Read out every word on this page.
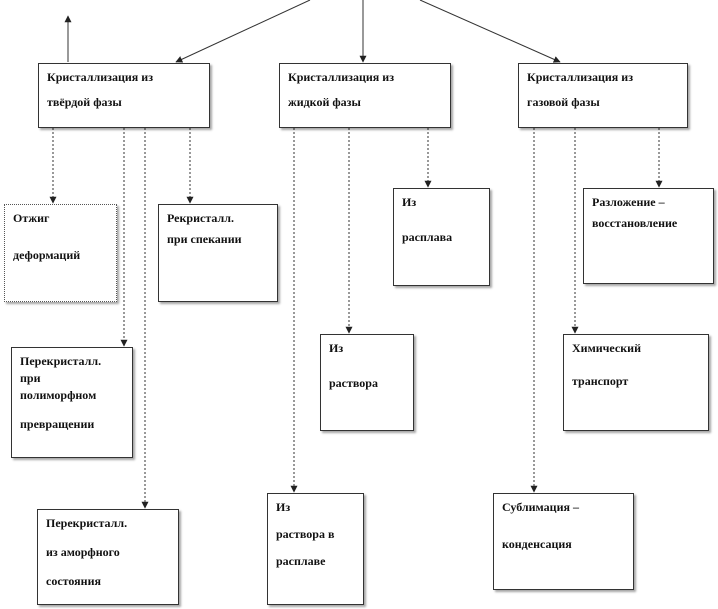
Кристаллизация из
твёрдой фазы
Кристаллизация из
жидкой фазы
Кристаллизация из
газовой фазы
Отжиг
деформаций
Рекристалл.
при спекании
Перекристалл.
при
полиморфном
превращении
Перекристалл.
из аморфного
состояния
Из
расплава
Из
раствора
Из
раствора в
расплаве
Разложение –
восстановление
Химический
транспорт
Сублимация –
конденсация
